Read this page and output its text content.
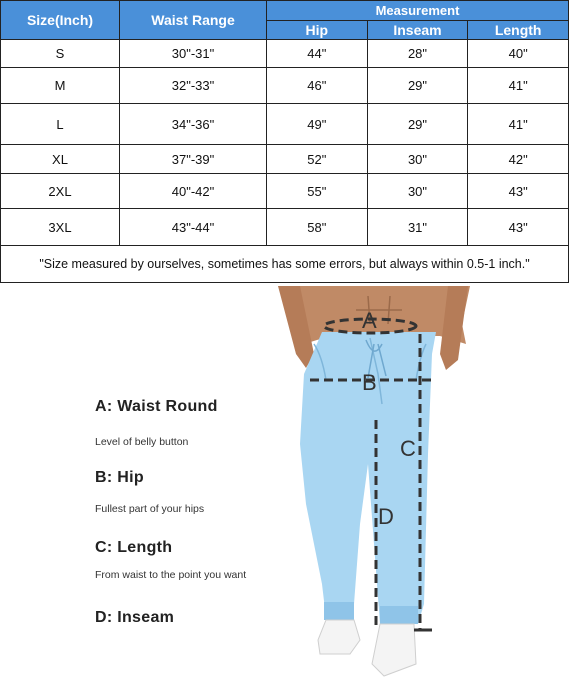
Size(Inch)	Waist Range	Measurement		
		Hip	Inseam	Length
S	30"-31"	44"	28"	40"
M	32"-33"	46"	29"	41"
L	34"-36"	49"	29"	41"
XL	37"-39"	52"	30"	42"
2XL	40"-42"	55"	30"	43"
3XL	43"-44"	58"	31"	43"
"Size measured by ourselves, sometimes has some errors, but always within 0.5-1 inch."				
A: Waist Round
Level of belly button
B: Hip
Fullest part of your hips
C: Length
From waist to the point you want
D: Inseam
A
B
C
D
